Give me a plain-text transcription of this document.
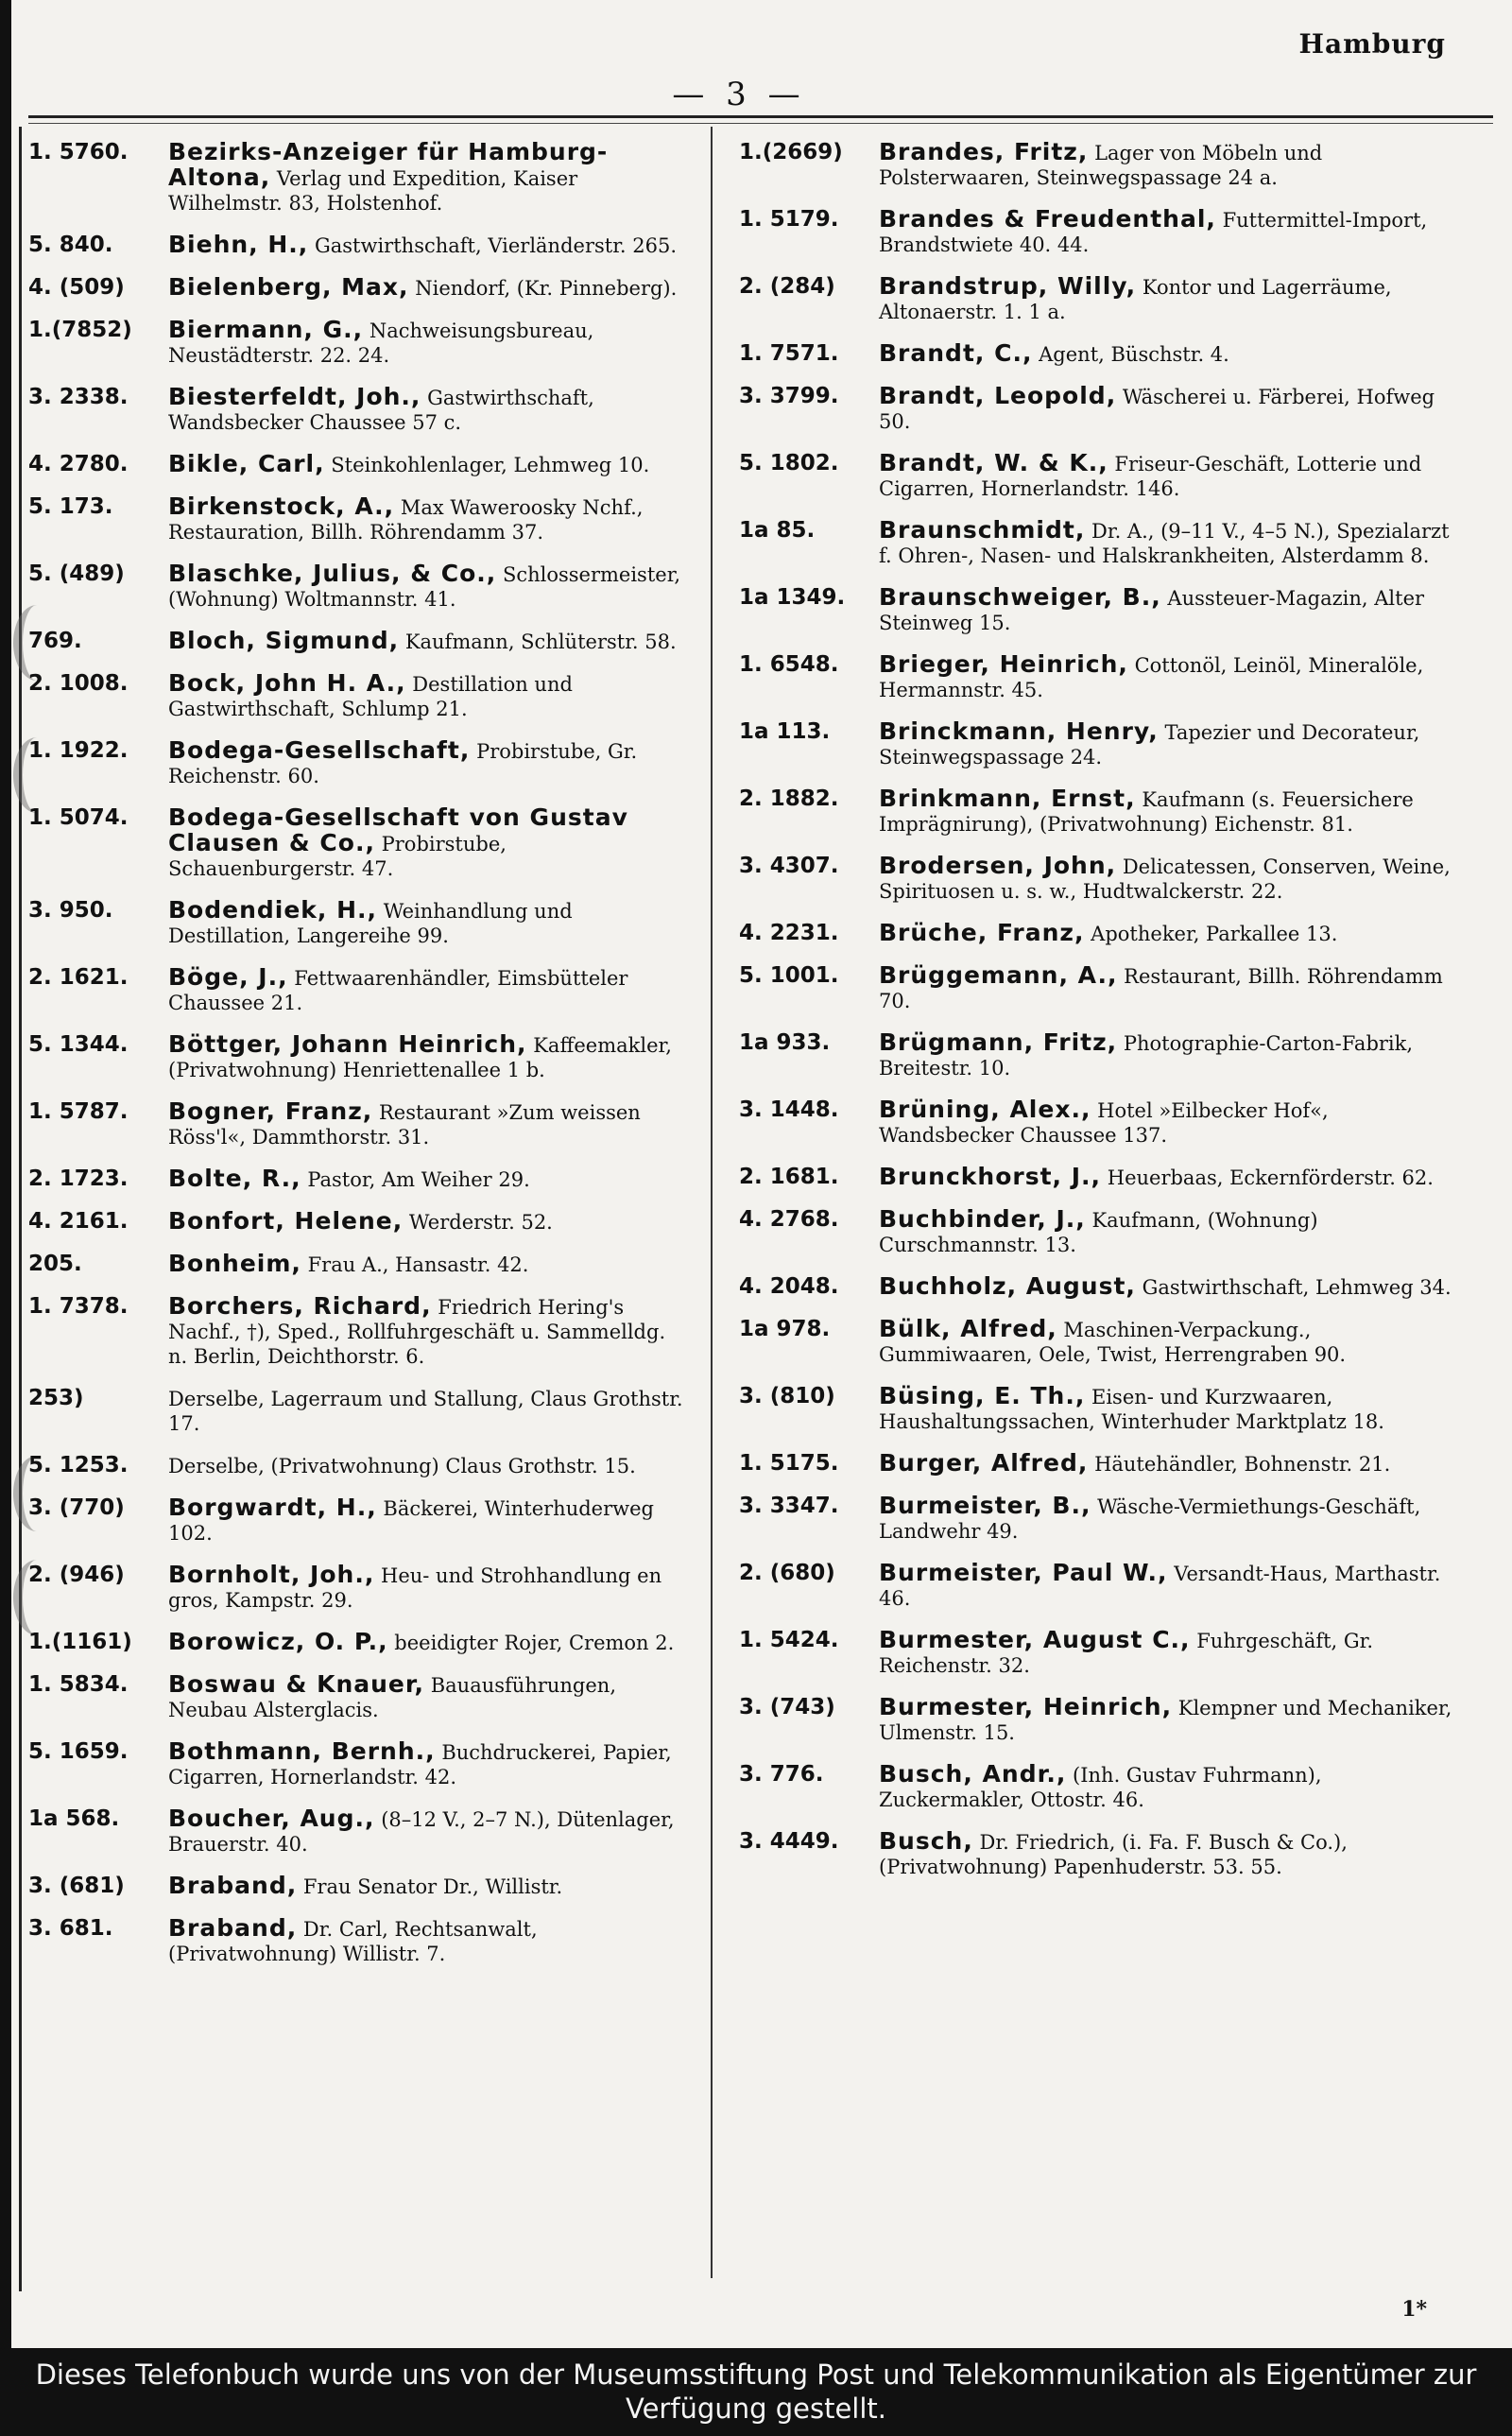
Hamburg
— 3 —
1. 5760.	Bezirks-Anzeiger für Hamburg-Altona, Verlag und Expedition, Kaiser Wilhelmstr. 83, Holstenhof.
5. 840.	Biehn, H., Gastwirthschaft, Vierländerstr. 265.
4. (509)	Bielenberg, Max, Niendorf, (Kr. Pinneberg).
1.(7852)	Biermann, G., Nachweisungsbureau, Neustädterstr. 22. 24.
3. 2338.	Biesterfeldt, Joh., Gastwirthschaft, Wandsbecker Chaussee 57 c.
4. 2780.	Bikle, Carl, Steinkohlenlager, Lehmweg 10.
5. 173.	Birkenstock, A., Max Waweroosky Nchf., Restauration, Billh. Röhrendamm 37.
5. (489)	Blaschke, Julius, & Co., Schlossermeister, (Wohnung) Woltmannstr. 41.
769.	Bloch, Sigmund, Kaufmann, Schlüterstr. 58.
2. 1008.	Bock, John H. A., Destillation und Gastwirthschaft, Schlump 21.
1. 1922.	Bodega-Gesellschaft, Probirstube, Gr. Reichenstr. 60.
1. 5074.	Bodega-Gesellschaft von Gustav Clausen & Co., Probirstube, Schauenburgerstr. 47.
3. 950.	Bodendiek, H., Weinhandlung und Destillation, Langereihe 99.
2. 1621.	Böge, J., Fettwaarenhändler, Eimsbütteler Chaussee 21.
5. 1344.	Böttger, Johann Heinrich, Kaffeemakler, (Privatwohnung) Henriettenallee 1 b.
1. 5787.	Bogner, Franz, Restaurant »Zum weissen Röss'l«, Dammthorstr. 31.
2. 1723.	Bolte, R., Pastor, Am Weiher 29.
4. 2161.	Bonfort, Helene, Werderstr. 52.
205.	Bonheim, Frau A., Hansastr. 42.
1. 7378.	Borchers, Richard, Friedrich Hering's Nachf., †), Sped., Rollfuhrgeschäft u. Sammelldg. n. Berlin, Deichthorstr. 6.
253)	Derselbe, Lagerraum und Stallung, Claus Grothstr. 17.
5. 1253.	Derselbe, (Privatwohnung) Claus Grothstr. 15.
3. (770)	Borgwardt, H., Bäckerei, Winterhuderweg 102.
2. (946)	Bornholt, Joh., Heu- und Strohhandlung en gros, Kampstr. 29.
1.(1161)	Borowicz, O. P., beeidigter Rojer, Cremon 2.
1. 5834.	Boswau & Knauer, Bauausführungen, Neubau Alsterglacis.
5. 1659.	Bothmann, Bernh., Buchdruckerei, Papier, Cigarren, Hornerlandstr. 42.
1a 568.	Boucher, Aug., (8–12 V., 2–7 N.), Dütenlager, Brauerstr. 40.
3. (681)	Braband, Frau Senator Dr., Willistr.
3. 681.	Braband, Dr. Carl, Rechtsanwalt, (Privatwohnung) Willistr. 7.
1.(2669)	Brandes, Fritz, Lager von Möbeln und Polsterwaaren, Steinwegspassage 24 a.
1. 5179.	Brandes & Freudenthal, Futtermittel-Import, Brandstwiete 40. 44.
2. (284)	Brandstrup, Willy, Kontor und Lagerräume, Altonaerstr. 1. 1 a.
1. 7571.	Brandt, C., Agent, Büschstr. 4.
3. 3799.	Brandt, Leopold, Wäscherei u. Färberei, Hofweg 50.
5. 1802.	Brandt, W. & K., Friseur-Geschäft, Lotterie und Cigarren, Hornerlandstr. 146.
1a 85.	Braunschmidt, Dr. A., (9–11 V., 4–5 N.), Spezialarzt f. Ohren-, Nasen- und Halskrankheiten, Alsterdamm 8.
1a 1349.	Braunschweiger, B., Aussteuer-Magazin, Alter Steinweg 15.
1. 6548.	Brieger, Heinrich, Cottonöl, Leinöl, Mineralöle, Hermannstr. 45.
1a 113.	Brinckmann, Henry, Tapezier und Decorateur, Steinwegspassage 24.
2. 1882.	Brinkmann, Ernst, Kaufmann (s. Feuersichere Imprägnirung), (Privatwohnung) Eichenstr. 81.
3. 4307.	Brodersen, John, Delicatessen, Conserven, Weine, Spirituosen u. s. w., Hudtwalckerstr. 22.
4. 2231.	Brüche, Franz, Apotheker, Parkallee 13.
5. 1001.	Brüggemann, A., Restaurant, Billh. Röhrendamm 70.
1a 933.	Brügmann, Fritz, Photographie-Carton-Fabrik, Breitestr. 10.
3. 1448.	Brüning, Alex., Hotel »Eilbecker Hof«, Wandsbecker Chaussee 137.
2. 1681.	Brunckhorst, J., Heuerbaas, Eckernförderstr. 62.
4. 2768.	Buchbinder, J., Kaufmann, (Wohnung) Curschmannstr. 13.
4. 2048.	Buchholz, August, Gastwirthschaft, Lehmweg 34.
1a 978.	Bülk, Alfred, Maschinen-Verpackung., Gummiwaaren, Oele, Twist, Herrengraben 90.
3. (810)	Büsing, E. Th., Eisen- und Kurzwaaren, Haushaltungssachen, Winterhuder Marktplatz 18.
1. 5175.	Burger, Alfred, Häutehändler, Bohnenstr. 21.
3. 3347.	Burmeister, B., Wäsche-Vermiethungs-Geschäft, Landwehr 49.
2. (680)	Burmeister, Paul W., Versandt-Haus, Marthastr. 46.
1. 5424.	Burmester, August C., Fuhrgeschäft, Gr. Reichenstr. 32.
3. (743)	Burmester, Heinrich, Klempner und Mechaniker, Ulmenstr. 15.
3. 776.	Busch, Andr., (Inh. Gustav Fuhrmann), Zuckermakler, Ottostr. 46.
3. 4449.	Busch, Dr. Friedrich, (i. Fa. F. Busch & Co.), (Privatwohnung) Papenhuderstr. 53. 55.
1*
Dieses Telefonbuch wurde uns von der Museumsstiftung Post und Telekommunikation als Eigentümer zur Verfügung gestellt.
